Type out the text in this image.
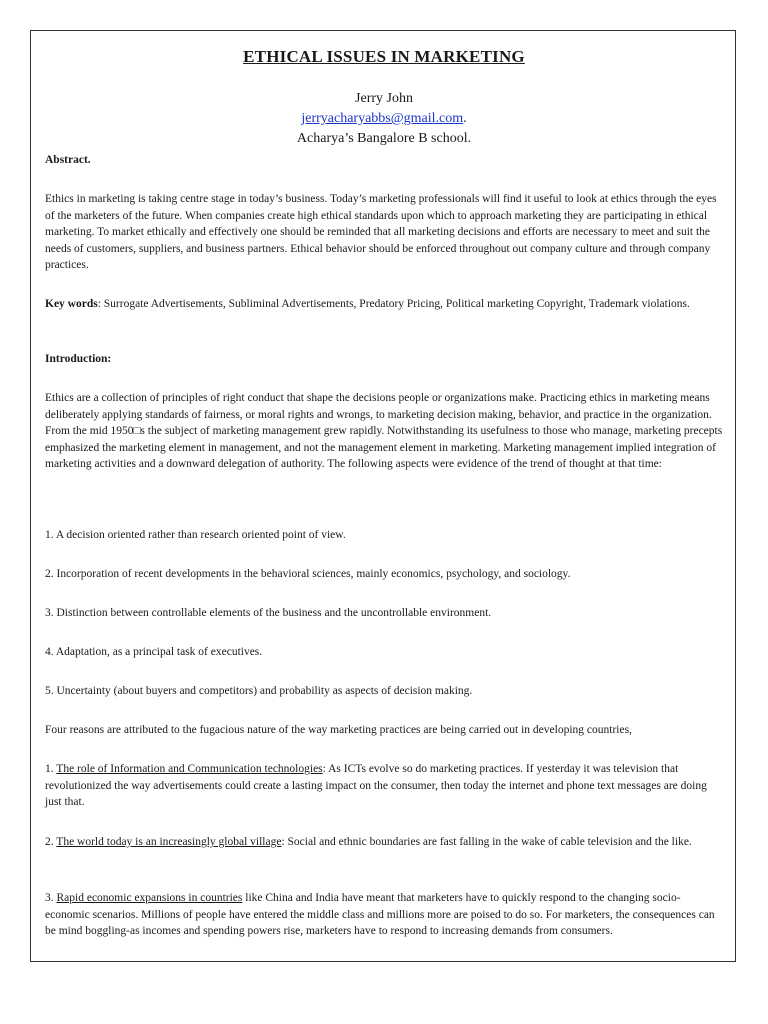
ETHICAL ISSUES IN MARKETING
Jerry John
jerryacharyabbs@gmail.com.
Acharya’s Bangalore B school.
Abstract.

Ethics in marketing is taking centre stage in today’s business. Today’s marketing professionals will find it useful to look at ethics through the eyes of the marketers of the future. When companies create high ethical standards upon which to approach marketing they are participating in ethical marketing. To market ethically and effectively one should be reminded that all marketing decisions and efforts are necessary to meet and suit the needs of customers, suppliers, and business partners. Ethical behavior should be enforced throughout out company culture and through company practices.

Key words: Surrogate Advertisements, Subliminal Advertisements, Predatory Pricing, Political marketing Copyright, Trademark violations.

Introduction:

Ethics are a collection of principles of right conduct that shape the decisions people or organizations make. Practicing ethics in marketing means deliberately applying standards of fairness, or moral rights and wrongs, to marketing decision making, behavior, and practice in the organization. From the mid 1950□s the subject of marketing management grew rapidly. Notwithstanding its usefulness to those who manage, marketing precepts emphasized the marketing element in management, and not the management element in marketing. Marketing management implied integration of marketing activities and a downward delegation of authority. The following aspects were evidence of the trend of thought at that time:

1. A decision oriented rather than research oriented point of view.

2. Incorporation of recent developments in the behavioral sciences, mainly economics, psychology, and sociology.

3. Distinction between controllable elements of the business and the uncontrollable environment.

4. Adaptation, as a principal task of executives.

5. Uncertainty (about buyers and competitors) and probability as aspects of decision making.

Four reasons are attributed to the fugacious nature of the way marketing practices are being carried out in developing countries,

1. The role of Information and Communication technologies: As ICTs evolve so do marketing practices. If yesterday it was television that revolutionized the way advertisements could create a lasting impact on the consumer, then today the internet and phone text messages are doing just that.

2. The world today is an increasingly global village: Social and ethnic boundaries are fast falling in the wake of cable television and the like.

3. Rapid economic expansions in countries like China and India have meant that marketers have to quickly respond to the changing socio-economic scenarios. Millions of people have entered the middle class and millions more are poised to do so. For marketers, the consequences can be mind boggling-as incomes and spending powers rise, marketers have to respond to increasing demands from consumers.
